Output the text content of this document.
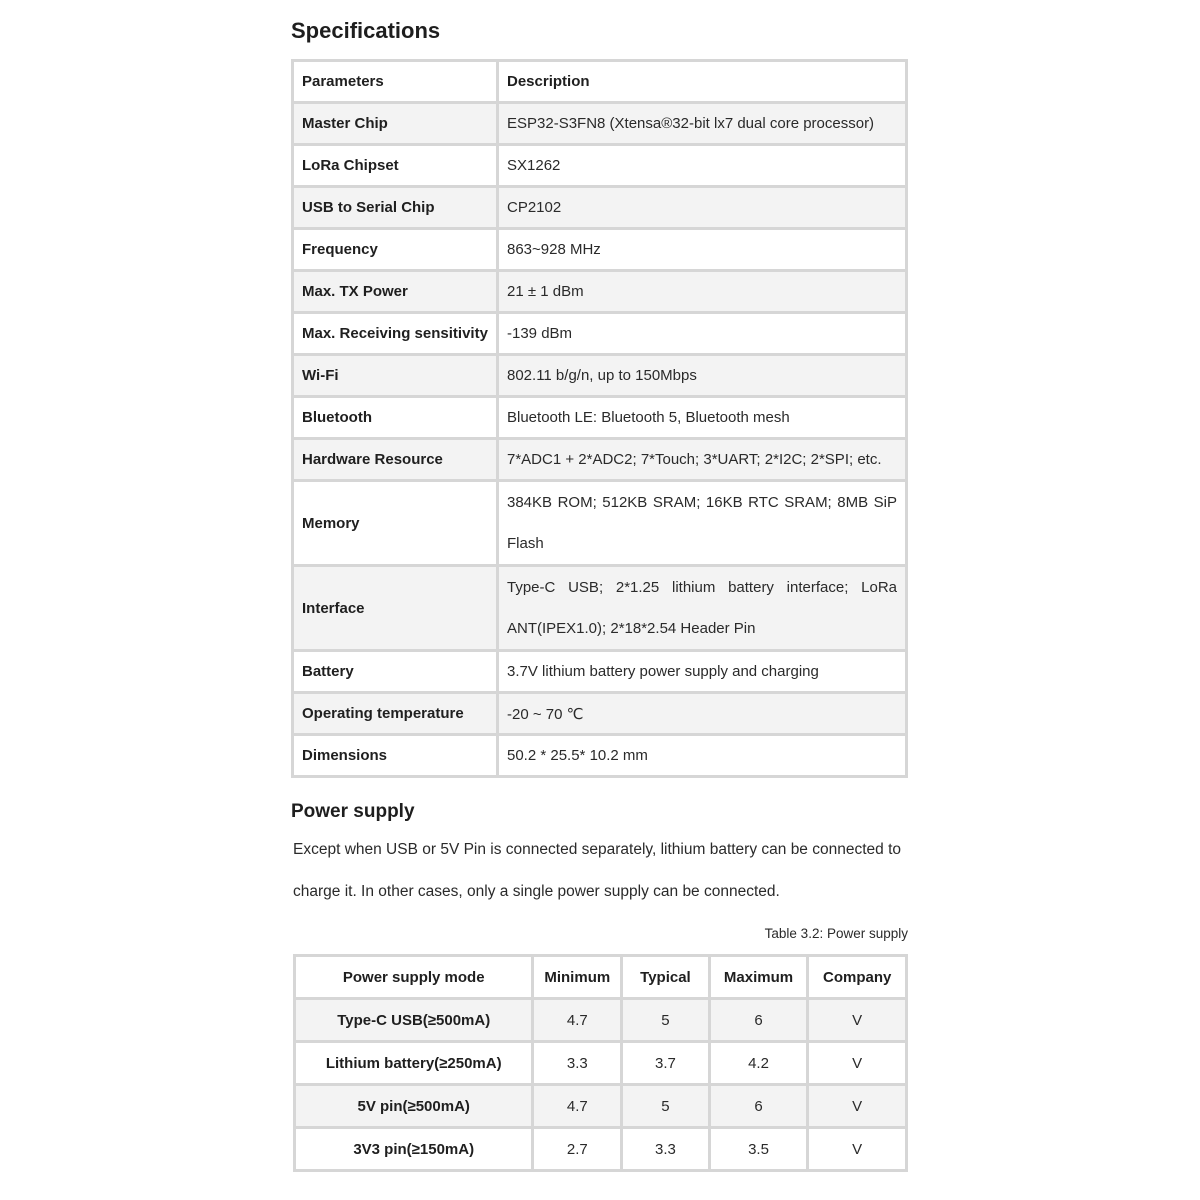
Specifications
Parameters	Description
Master Chip	ESP32-S3FN8 (Xtensa®32-bit lx7 dual core processor)
LoRa Chipset	SX1262
USB to Serial Chip	CP2102
Frequency	863~928 MHz
Max. TX Power	21 ± 1 dBm
Max. Receiving sensitivity	-139 dBm
Wi-Fi	802.11 b/g/n, up to 150Mbps
Bluetooth	Bluetooth LE: Bluetooth 5, Bluetooth mesh
Hardware Resource	7*ADC1 + 2*ADC2; 7*Touch; 3*UART; 2*I2C; 2*SPI; etc.
Memory	384KB ROM; 512KB SRAM; 16KB RTC SRAM; 8MB SiP Flash
Interface	Type-C USB; 2*1.25 lithium battery interface; LoRa ANT(IPEX1.0); 2*18*2.54 Header Pin
Battery	3.7V lithium battery power supply and charging
Operating temperature	-20 ~ 70 ℃
Dimensions	50.2 * 25.5* 10.2 mm
Power supply

Except when USB or 5V Pin is connected separately, lithium battery can be connected to charge it. In other cases, only a single power supply can be connected.

Table 3.2: Power supply
Power supply mode	Minimum	Typical	Maximum	Company
Type-C USB(≥500mA)	4.7	5	6	V
Lithium battery(≥250mA)	3.3	3.7	4.2	V
5V pin(≥500mA)	4.7	5	6	V
3V3 pin(≥150mA)	2.7	3.3	3.5	V
